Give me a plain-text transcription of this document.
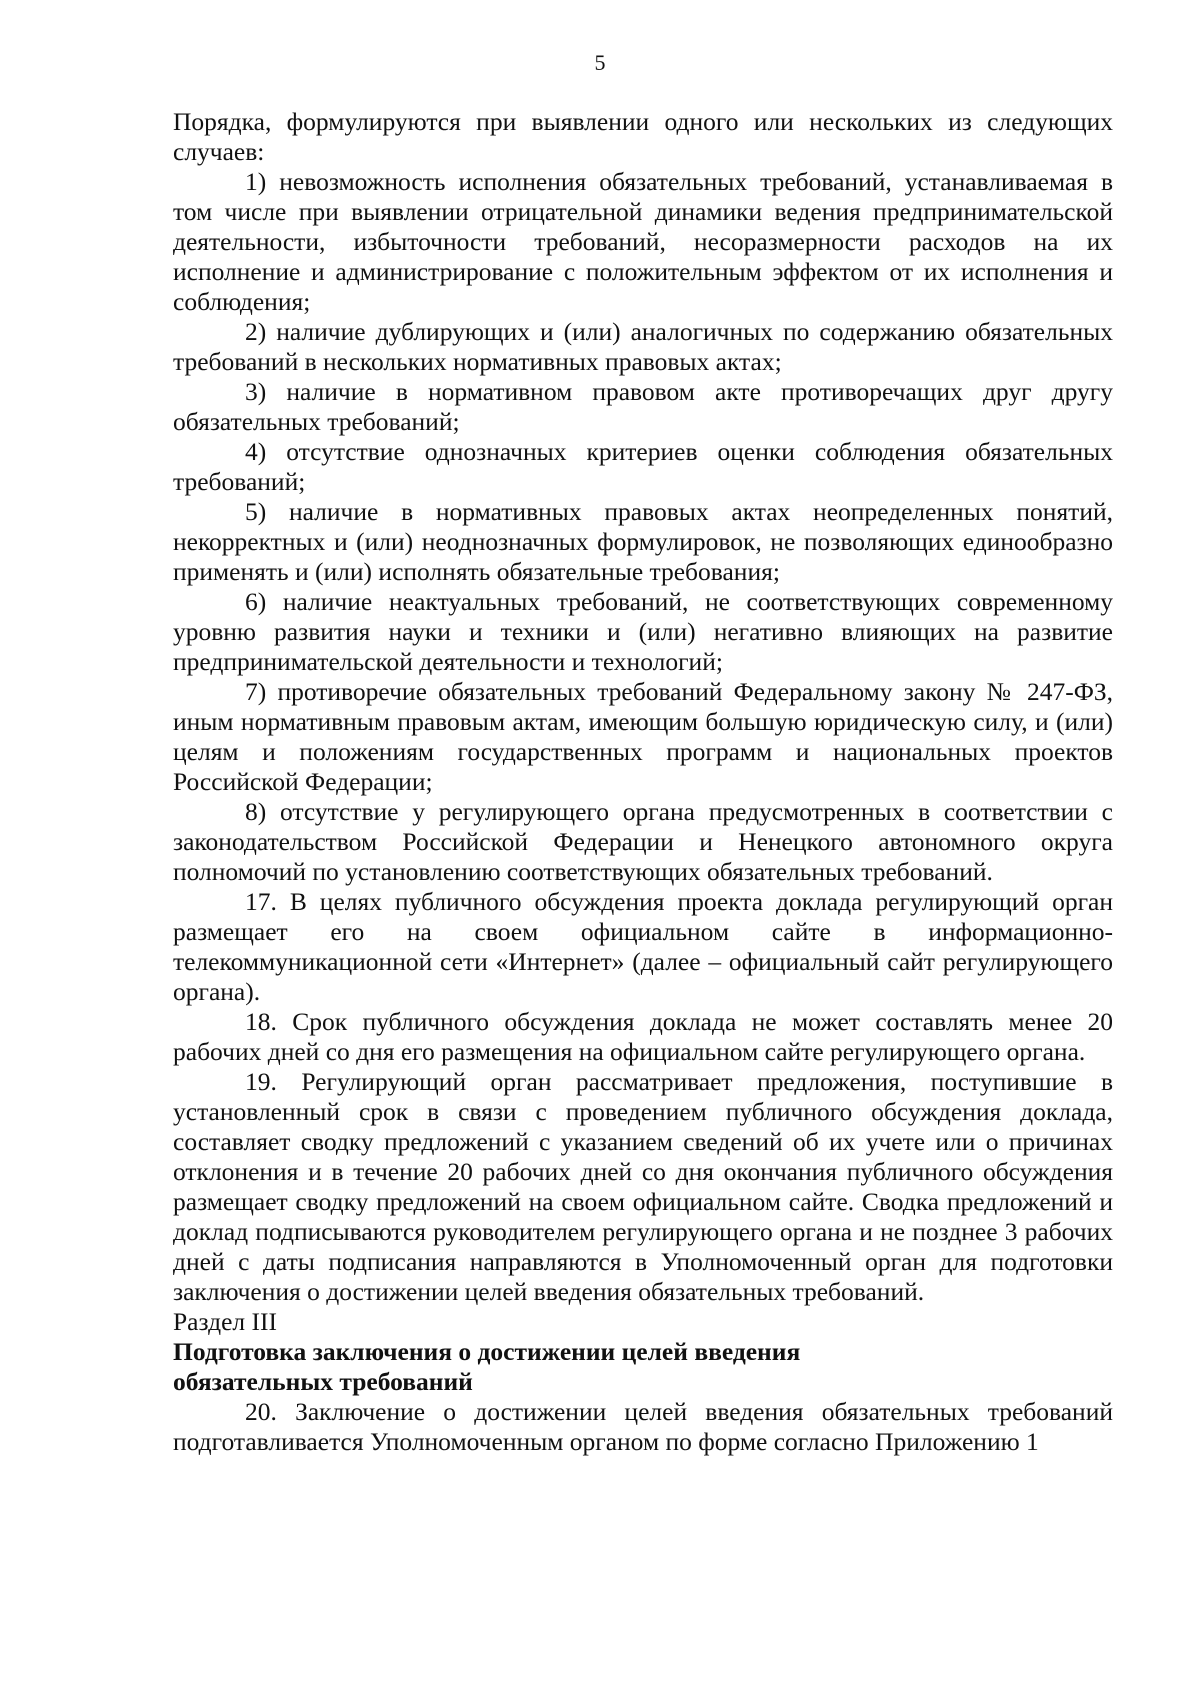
5

Порядка, формулируются при выявлении одного или нескольких из следующих случаев:

1) невозможность исполнения обязательных требований, устанавливаемая в том числе при выявлении отрицательной динамики ведения предпринимательской деятельности, избыточности требований, несоразмерности расходов на их исполнение и администрирование с положительным эффектом от их исполнения и соблюдения;

2) наличие дублирующих и (или) аналогичных по содержанию обязательных требований в нескольких нормативных правовых актах;

3) наличие в нормативном правовом акте противоречащих друг другу обязательных требований;

4) отсутствие однозначных критериев оценки соблюдения обязательных требований;

5) наличие в нормативных правовых актах неопределенных понятий, некорректных и (или) неоднозначных формулировок, не позволяющих единообразно применять и (или) исполнять обязательные требования;

6) наличие неактуальных требований, не соответствующих современному уровню развития науки и техники и (или) негативно влияющих на развитие предпринимательской деятельности и технологий;

7) противоречие обязательных требований Федеральному закону № 247-ФЗ, иным нормативным правовым актам, имеющим большую юридическую силу, и (или) целям и положениям государственных программ и национальных проектов Российской Федерации;

8) отсутствие у регулирующего органа предусмотренных в соответствии с законодательством Российской Федерации и Ненецкого автономного округа полномочий по установлению соответствующих обязательных требований.

17. В целях публичного обсуждения проекта доклада регулирующий орган размещает его на своем официальном сайте в информационно-телекоммуникационной сети «Интернет» (далее – официальный сайт регулирующего органа).

18. Срок публичного обсуждения доклада не может составлять менее 20 рабочих дней со дня его размещения на официальном сайте регулирующего органа.

19. Регулирующий орган рассматривает предложения, поступившие в установленный срок в связи с проведением публичного обсуждения доклада, составляет сводку предложений с указанием сведений об их учете или о причинах отклонения и в течение 20 рабочих дней со дня окончания публичного обсуждения размещает сводку предложений на своем официальном сайте. Сводка предложений и доклад подписываются руководителем регулирующего органа и не позднее 3 рабочих дней с даты подписания направляются в Уполномоченный орган для подготовки заключения о достижении целей введения обязательных требований.

Раздел III

Подготовка заключения о достижении целей введения
обязательных требований

20. Заключение о достижении целей введения обязательных требований подготавливается Уполномоченным органом по форме согласно Приложению 1
